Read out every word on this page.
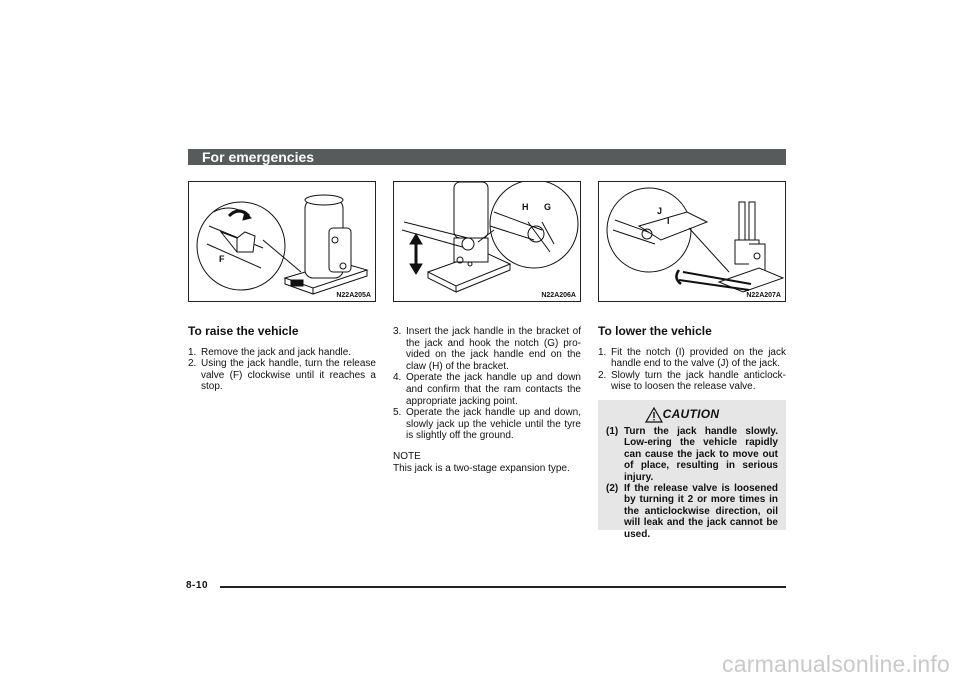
For emergencies
F
N22A205A
H G
N22A206A
J
I
N22A207A
To raise the vehicle
1. Remove the jack and jack handle.
2. Using the jack handle, turn the release valve (F) clockwise until it reaches a stop.
3. Insert the jack handle in the bracket of the jack and hook the notch (G) pro-vided on the jack handle end on the claw (H) of the bracket.
4. Operate the jack handle up and down and confirm that the ram contacts the appropriate jacking point.
5. Operate the jack handle up and down, slowly jack up the vehicle until the tyre is slightly off the ground.
NOTE
This jack is a two-stage expansion type.
To lower the vehicle
1. Fit the notch (I) provided on the jack handle end to the valve (J) of the jack.
2. Slowly turn the jack handle anticlock-wise to loosen the release valve.
CAUTION
(1) Turn the jack handle slowly. Low-ering the vehicle rapidly can cause the jack to move out of place, resulting in serious injury.
(2) If the release valve is loosened by turning it 2 or more times in the anticlockwise direction, oil will leak and the jack cannot be used.
8-10
carmanualsonline.info
